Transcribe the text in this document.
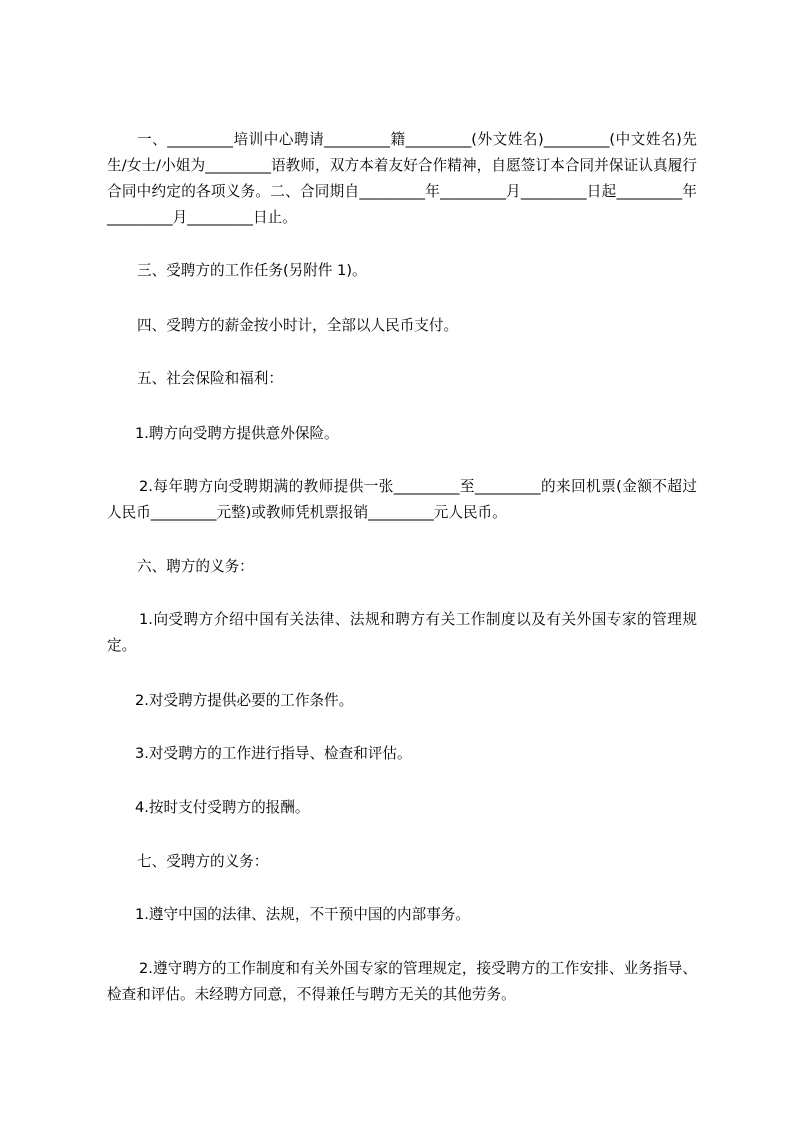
一、_________培训中心聘请_________籍_________(外文姓名)_________(中文姓名)先生/女士/小姐为_________语教师，双方本着友好合作精神，自愿签订本合同并保证认真履行合同中约定的各项义务。二、合同期自_________年_________月_________日起_________年_________月_________日止。

三、受聘方的工作任务(另附件 1)。

四、受聘方的薪金按小时计，全部以人民币支付。

五、社会保险和福利：

1.聘方向受聘方提供意外保险。

2.每年聘方向受聘期满的教师提供一张_________至_________的来回机票(金额不超过人民币_________元整)或教师凭机票报销_________元人民币。

六、聘方的义务：

1.向受聘方介绍中国有关法律、法规和聘方有关工作制度以及有关外国专家的管理规定。

2.对受聘方提供必要的工作条件。

3.对受聘方的工作进行指导、检查和评估。

4.按时支付受聘方的报酬。

七、受聘方的义务：

1.遵守中国的法律、法规，不干预中国的内部事务。

2.遵守聘方的工作制度和有关外国专家的管理规定，接受聘方的工作安排、业务指导、检查和评估。未经聘方同意，不得兼任与聘方无关的其他劳务。
